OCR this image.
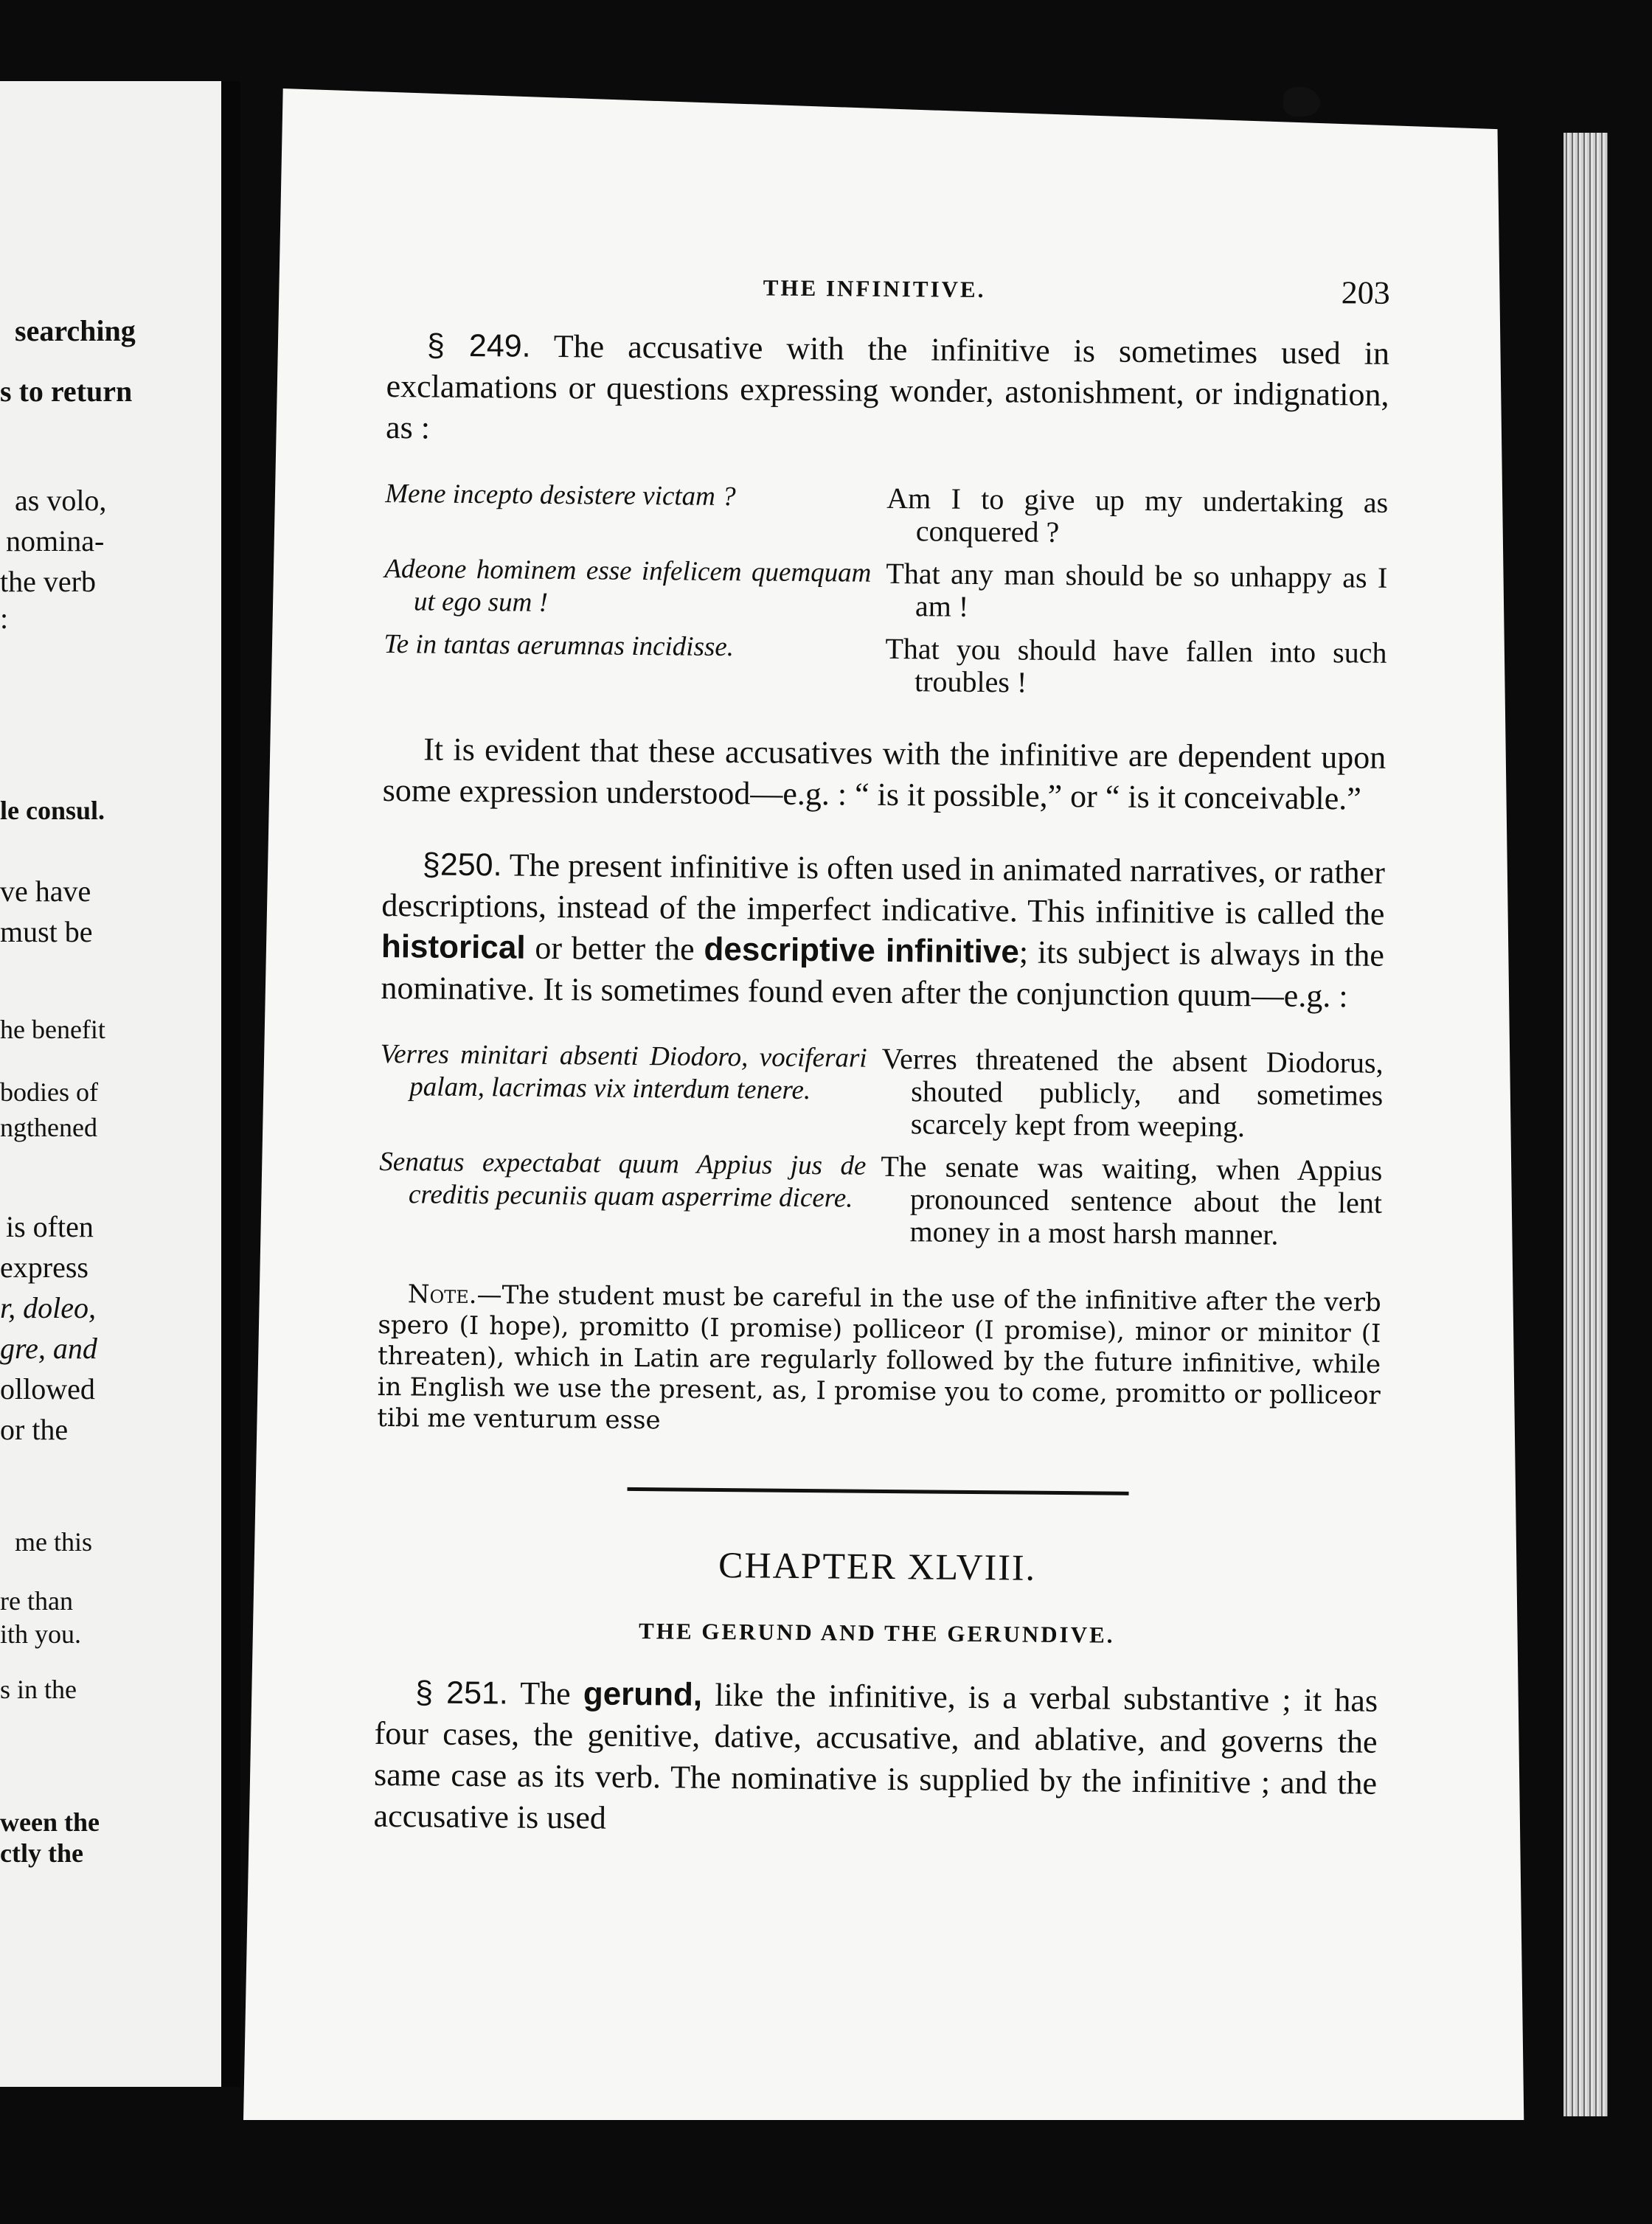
searching
s to return
as volo,
nomina-
the verb
:
le consul.
ve have
must be
he benefit
bodies of
ngthened
is often
express
r, doleo,
gre, and
ollowed
or the
me this
re than
ith you.
s in the
ween the
ctly the
THE INFINITIVE.	203

§ 249. The accusative with the infinitive is sometimes used in exclamations or questions expressing wonder, astonishment, or indignation, as :

Mene incepto desistere victam ?	Am I to give up my undertaking as conquered ?

Adeone hominem esse infelicem quemquam ut ego sum !	That any man should be so unhappy as I am !

Te in tantas aerumnas incidisse.	That you should have fallen into such troubles !

It is evident that these accusatives with the infinitive are dependent upon some expression understood—e.g. : “ is it possible,” or “ is it conceivable.”

§250. The present infinitive is often used in animated narratives, or rather descriptions, instead of the imperfect indicative. This infinitive is called the historical or better the descriptive infinitive; its subject is always in the nominative. It is sometimes found even after the conjunction quum—e.g. :

Verres minitari absenti Diodoro, vociferari palam, lacrimas vix interdum tenere.	Verres threatened the absent Diodorus, shouted publicly, and sometimes scarcely kept from weeping.

Senatus expectabat quum Appius jus de creditis pecuniis quam asperrime dicere.	The senate was waiting, when Appius pronounced sentence about the lent money in a most harsh manner.

Note.—The student must be careful in the use of the infinitive after the verb spero (I hope), promitto (I promise) polliceor (I promise), minor or minitor (I threaten), which in Latin are regularly followed by the future infinitive, while in English we use the present, as, I promise you to come, promitto or polliceor tibi me venturum esse

CHAPTER XLVIII.
THE GERUND AND THE GERUNDIVE.

§ 251. The gerund, like the infinitive, is a verbal substantive ; it has four cases, the genitive, dative, accusative, and ablative, and governs the same case as its verb. The nominative is supplied by the infinitive ; and the accusative is used
